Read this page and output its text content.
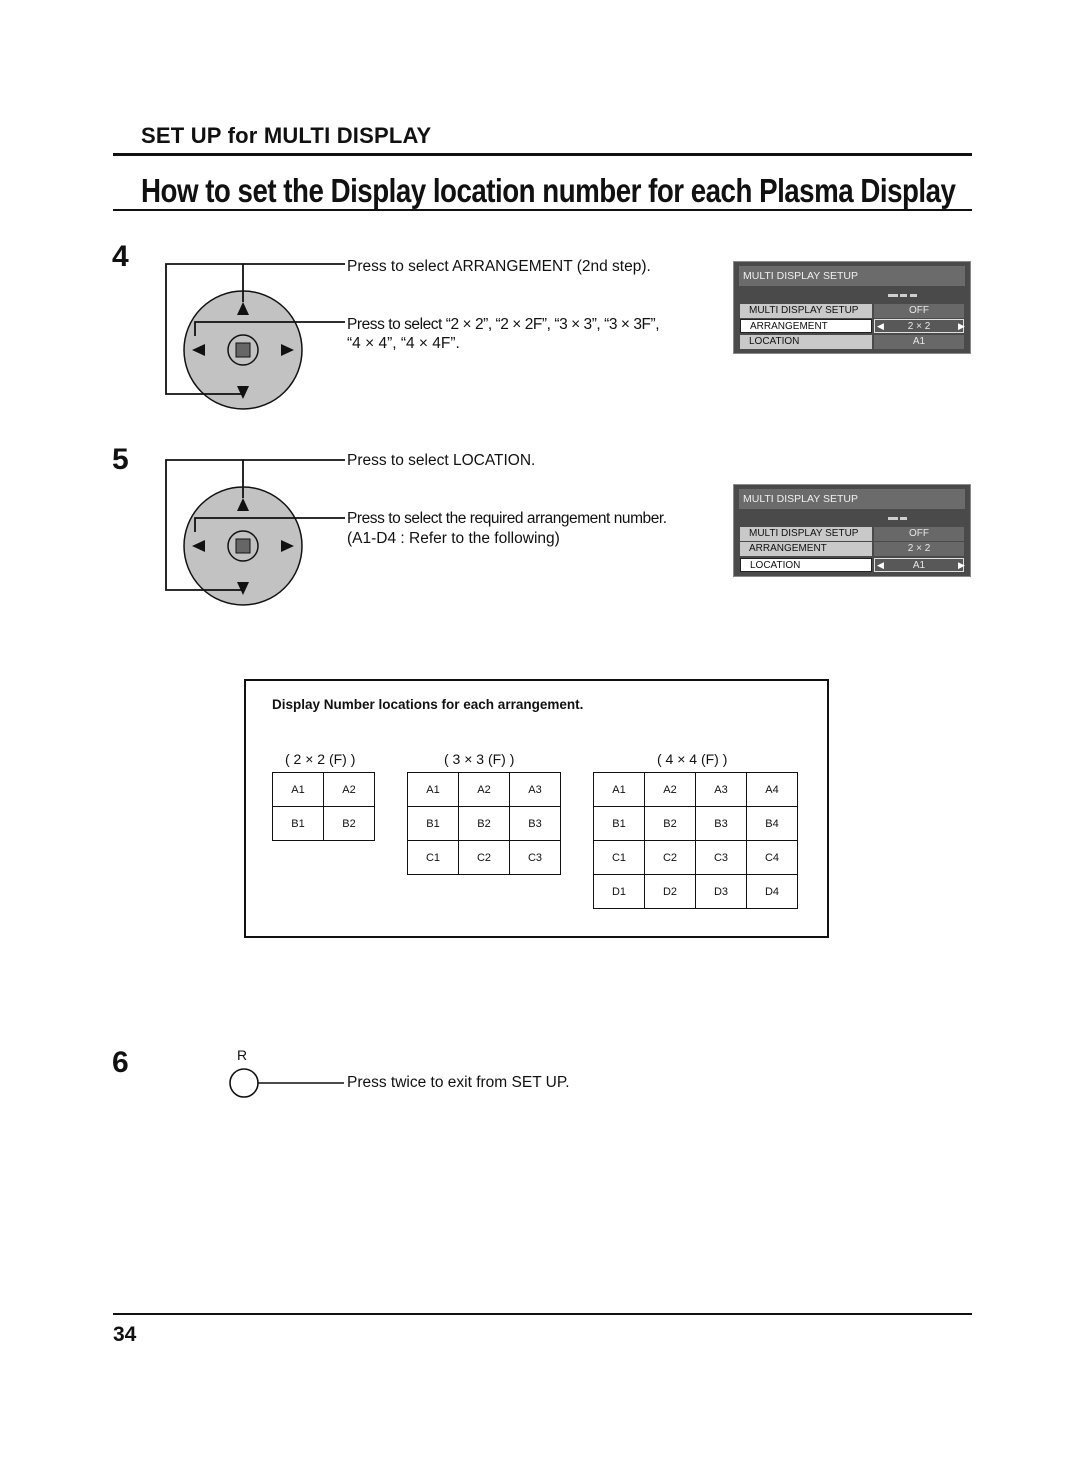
SET UP for MULTI DISPLAY
How to set the Display location number for each Plasma Display
4	Press to select ARRANGEMENT (2nd step).
Press to select “2 × 2”, “2 × 2F”, “3 × 3”, “3 × 3F”,
“4 × 4”, “4 × 4F”.
MULTI DISPLAY SETUP
MULTI DISPLAY SETUP	OFF
ARRANGEMENT	2 × 2
◀	▶
LOCATION	A1
5	Press to select LOCATION.
Press to select the required arrangement number.
(A1-D4 : Refer to the following)
MULTI DISPLAY SETUP
MULTI DISPLAY SETUP	OFF
ARRANGEMENT	2 × 2
LOCATION	A1
◀	▶
Display Number locations for each arrangement.
( 2 × 2 (F) )
A1	A2
B1	B2
( 3 × 3 (F) )
A1	A2	A3
B1	B2	B3
C1	C2	C3
( 4 × 4 (F) )
A1	A2	A3	A4
B1	B2	B3	B4
C1	C2	C3	C4
D1	D2	D3	D4
6	R
Press twice to exit from SET UP.
34
